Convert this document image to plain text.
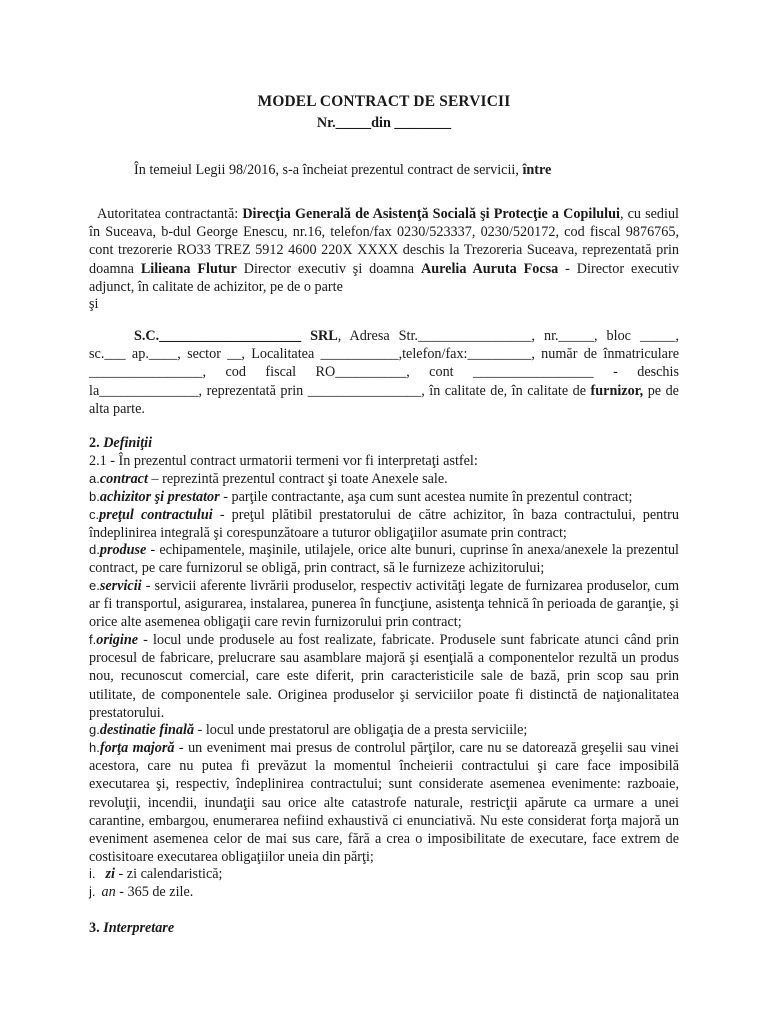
MODEL CONTRACT DE SERVICII
Nr._____din ________
În temeiul Legii 98/2016, s-a încheiat prezentul contract de servicii, între
Autoritatea contractantă: Direcţia Generală de Asistenţă Socială şi Protecţie a Copilului, cu sediul în Suceava, b-dul George Enescu, nr.16, telefon/fax 0230/523337, 0230/520172, cod fiscal 9876765, cont trezorerie RO33 TREZ 5912 4600 220X XXXX deschis la Trezoreria Suceava, reprezentată prin doamna Lilieana Flutur Director executiv şi doamna Aurelia Auruta Focsa - Director executiv adjunct, în calitate de achizitor, pe de o parte
şi
S.C.____________________ SRL, Adresa Str.________________, nr._____, bloc _____, sc.___ ap.____, sector __, Localitatea ___________,telefon/fax:_________, număr de înmatriculare ________________, cod fiscal RO__________, cont _________________ - deschis la______________, reprezentată prin ________________, în calitate de, în calitate de furnizor, pe de alta parte.
2. Definiţii
2.1 - În prezentul contract urmatorii termeni vor fi interpretaţi astfel:
a.contract – reprezintă prezentul contract şi toate Anexele sale.
b.achizitor şi prestator - parţile contractante, aşa cum sunt acestea numite în prezentul contract;
c.preţul contractului - preţul plătibil prestatorului de către achizitor, în baza contractului, pentru îndeplinirea integrală şi corespunzătoare a tuturor obligaţiilor asumate prin contract;
d.produse - echipamentele, maşinile, utilajele, orice alte bunuri, cuprinse în anexa/anexele la prezentul contract, pe care furnizorul se obligă, prin contract, să le furnizeze achizitorului;
e.servicii - servicii aferente livrării produselor, respectiv activităţi legate de furnizarea produselor, cum ar fi transportul, asigurarea, instalarea, punerea în funcţiune, asistenţa tehnică în perioada de garanţie, şi orice alte asemenea obligaţii care revin furnizorului prin contract;
f.origine - locul unde produsele au fost realizate, fabricate. Produsele sunt fabricate atunci când prin procesul de fabricare, prelucrare sau asamblare majoră şi esenţială a componentelor rezultă un produs nou, recunoscut comercial, care este diferit, prin caracteristicile sale de bază, prin scop sau prin utilitate, de componentele sale. Originea produselor şi serviciilor poate fi distinctă de naţionalitatea prestatorului.
g.destinatie finală - locul unde prestatorul are obligaţia de a presta serviciile;
h.forţa majoră - un eveniment mai presus de controlul părţilor, care nu se datorează greşelii sau vinei acestora, care nu putea fi prevăzut la momentul încheierii contractului şi care face imposibilă executarea şi, respectiv, îndeplinirea contractului; sunt considerate asemenea evenimente: razboaie, revoluţii, incendii, inundaţii sau orice alte catastrofe naturale, restricţii apărute ca urmare a unei carantine, embargou, enumerarea nefiind exhaustivă ci enunciativă. Nu este considerat forţa majoră un eveniment asemenea celor de mai sus care, fără a crea o imposibilitate de executare, face extrem de costisitoare executarea obligaţiilor uneia din părţi;
i. zi - zi calendaristică;
j. an - 365 de zile.
3. Interpretare
